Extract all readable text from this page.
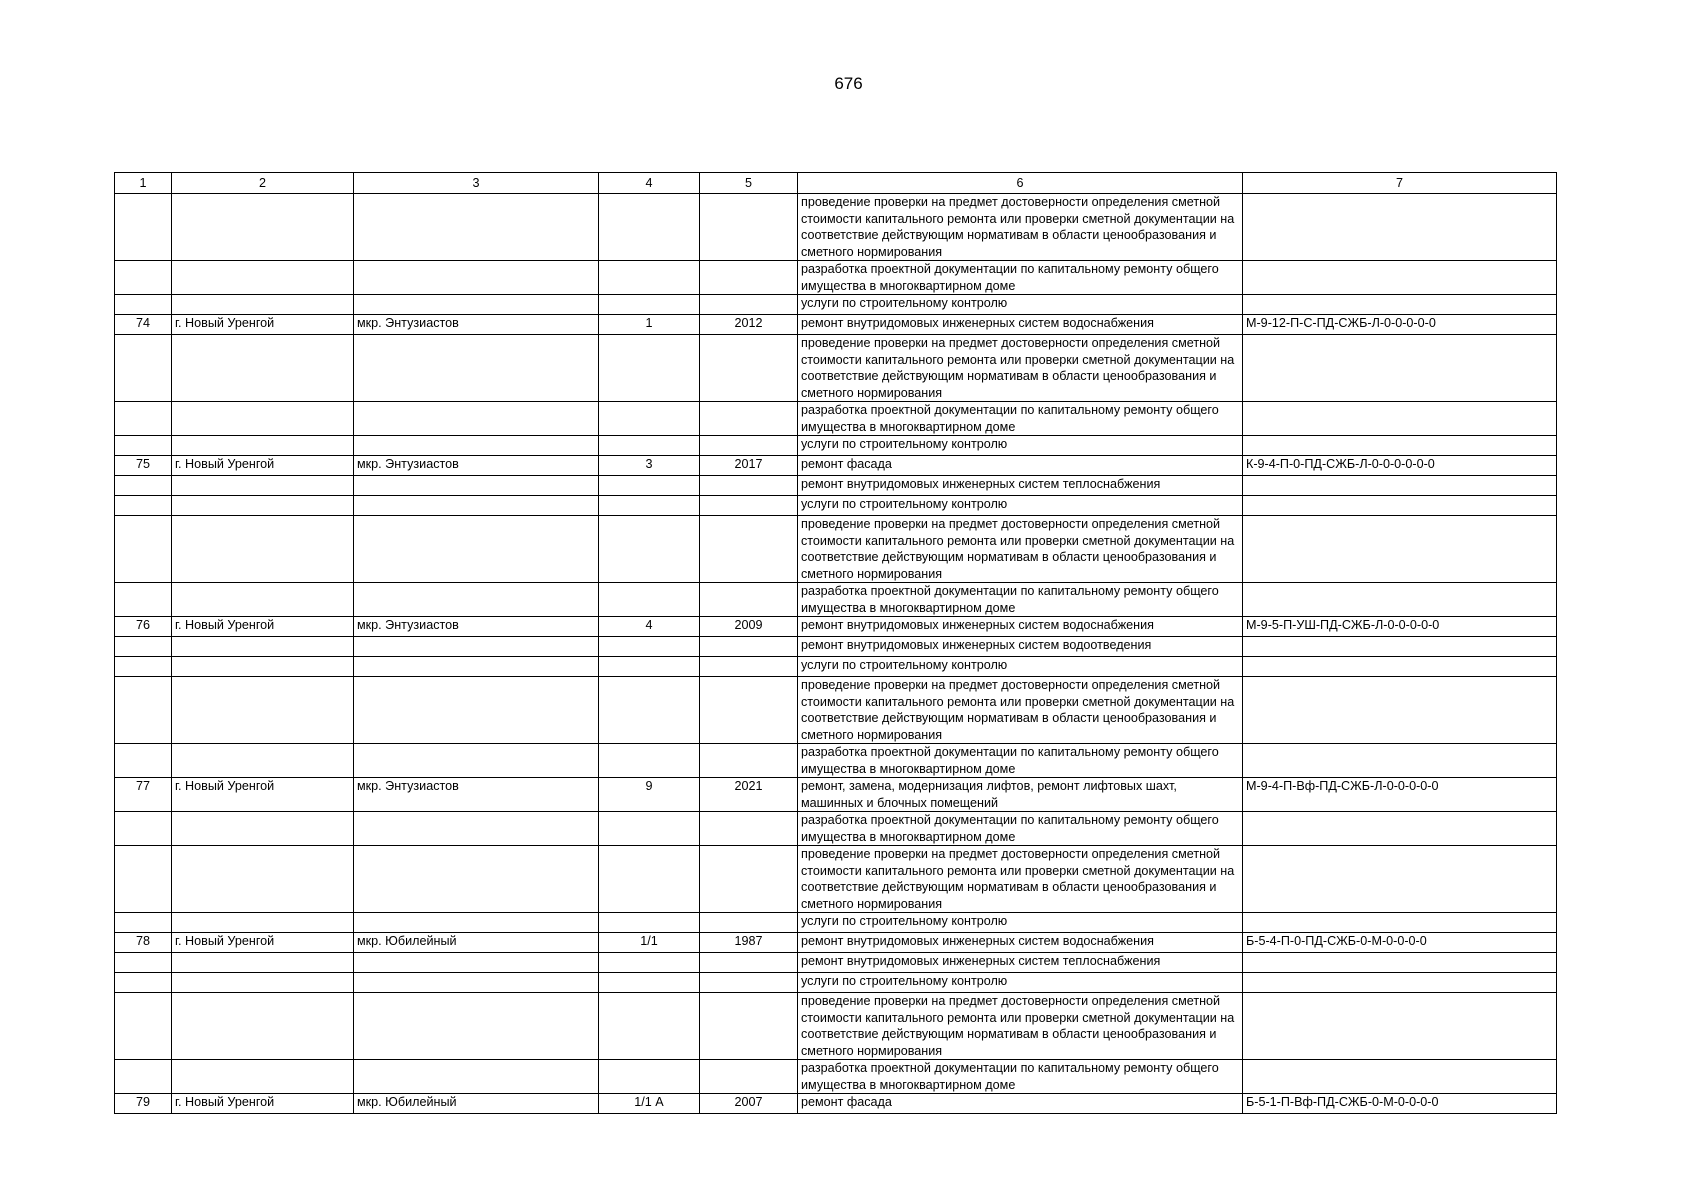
676
1	2	3	4	5	6	7
					проведение проверки на предмет достоверности определения сметной стоимости капитального ремонта или проверки сметной документации на соответствие действующим нормативам в области ценообразования и сметного нормирования	
					разработка проектной документации по капитальному ремонту общего имущества в многоквартирном доме	
					услуги по строительному контролю	
74	г. Новый Уренгой	мкр. Энтузиастов	1	2012	ремонт внутридомовых инженерных систем водоснабжения	М-9-12-П-С-ПД-СЖБ-Л-0-0-0-0-0
					проведение проверки на предмет достоверности определения сметной стоимости капитального ремонта или проверки сметной документации на соответствие действующим нормативам в области ценообразования и сметного нормирования	
					разработка проектной документации по капитальному ремонту общего имущества в многоквартирном доме	
					услуги по строительному контролю	
75	г. Новый Уренгой	мкр. Энтузиастов	3	2017	ремонт фасада	К-9-4-П-0-ПД-СЖБ-Л-0-0-0-0-0-0
					ремонт внутридомовых инженерных систем теплоснабжения	
					услуги по строительному контролю	
					проведение проверки на предмет достоверности определения сметной стоимости капитального ремонта или проверки сметной документации на соответствие действующим нормативам в области ценообразования и сметного нормирования	
					разработка проектной документации по капитальному ремонту общего имущества в многоквартирном доме	
76	г. Новый Уренгой	мкр. Энтузиастов	4	2009	ремонт внутридомовых инженерных систем водоснабжения	М-9-5-П-УШ-ПД-СЖБ-Л-0-0-0-0-0
					ремонт внутридомовых инженерных систем водоотведения	
					услуги по строительному контролю	
					проведение проверки на предмет достоверности определения сметной стоимости капитального ремонта или проверки сметной документации на соответствие действующим нормативам в области ценообразования и сметного нормирования	
					разработка проектной документации по капитальному ремонту общего имущества в многоквартирном доме	
77	г. Новый Уренгой	мкр. Энтузиастов	9	2021	ремонт, замена, модернизация лифтов, ремонт лифтовых шахт, машинных и блочных помещений	М-9-4-П-Вф-ПД-СЖБ-Л-0-0-0-0-0
					разработка проектной документации по капитальному ремонту общего имущества в многоквартирном доме	
					проведение проверки на предмет достоверности определения сметной стоимости капитального ремонта или проверки сметной документации на соответствие действующим нормативам в области ценообразования и сметного нормирования	
					услуги по строительному контролю	
78	г. Новый Уренгой	мкр. Юбилейный	1/1	1987	ремонт внутридомовых инженерных систем водоснабжения	Б-5-4-П-0-ПД-СЖБ-0-М-0-0-0-0
					ремонт внутридомовых инженерных систем теплоснабжения	
					услуги по строительному контролю	
					проведение проверки на предмет достоверности определения сметной стоимости капитального ремонта или проверки сметной документации на соответствие действующим нормативам в области ценообразования и сметного нормирования	
					разработка проектной документации по капитальному ремонту общего имущества в многоквартирном доме	
79	г. Новый Уренгой	мкр. Юбилейный	1/1 А	2007	ремонт фасада	Б-5-1-П-Вф-ПД-СЖБ-0-М-0-0-0-0
